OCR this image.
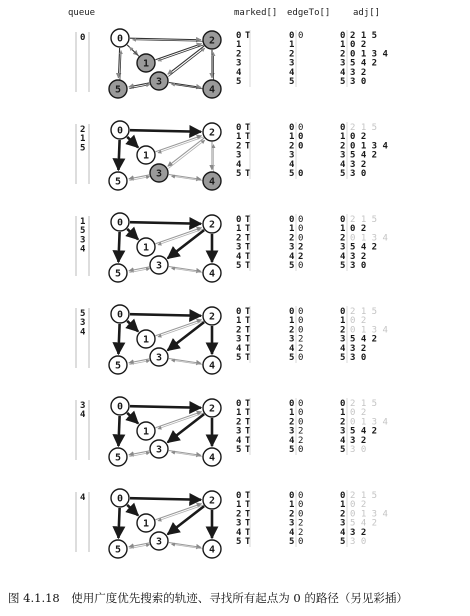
queue	marked[] edgeTo[]	adj[]
0	0
1
2
3
4
5
0 T	0 0	0 2 1 5
1	1	1 0 2
2	2	2 0 1 3 4
3	3	3 5 4 2
4	4	4 3 2
5	5	5 3 0
2
1
5
0
1
2
3
4
5
0 T	0 0	0 2 1 5
1 T	1 0	1 0 2
2 T	2 0	2 0 1 3 4
3	3	3 5 4 2
4	4	4 3 2
5 T	5 0	5 3 0
1
5
3
4
0
1
2
3
4
5
0 T	0 0	0 2 1 5
1 T	1 0	1 0 2
2 T	2 0	2 0 1 3 4
3 T	3 2	3 5 4 2
4 T	4 2	4 3 2
5 T	5 0	5 3 0
5
3
4
0
1
2
3
4
5
0 T	0 0	0 2 1 5
1 T	1 0	1 0 2
2 T	2 0	2 0 1 3 4
3 T	3 2	3 5 4 2
4 T	4 2	4 3 2
5 T	5 0	5 3 0
3
4
0
1
2
3
4
5
0 T	0 0	0 2 1 5
1 T	1 0	1 0 2
2 T	2 0	2 0 1 3 4
3 T	3 2	3 5 4 2
4 T	4 2	4 3 2
5 T	5 0	5 3 0
4	0
1
2
3
4
5
0 T	0 0	0 2 1 5
1 T	1 0	1 0 2
2 T	2 0	2 0 1 3 4
3 T	3 2	3 5 4 2
4 T	4 2	4 3 2
5 T	5 0	5 3 0
图 4.1.18　使用广度优先搜索的轨迹、寻找所有起点为 0 的路径（另见彩插）
